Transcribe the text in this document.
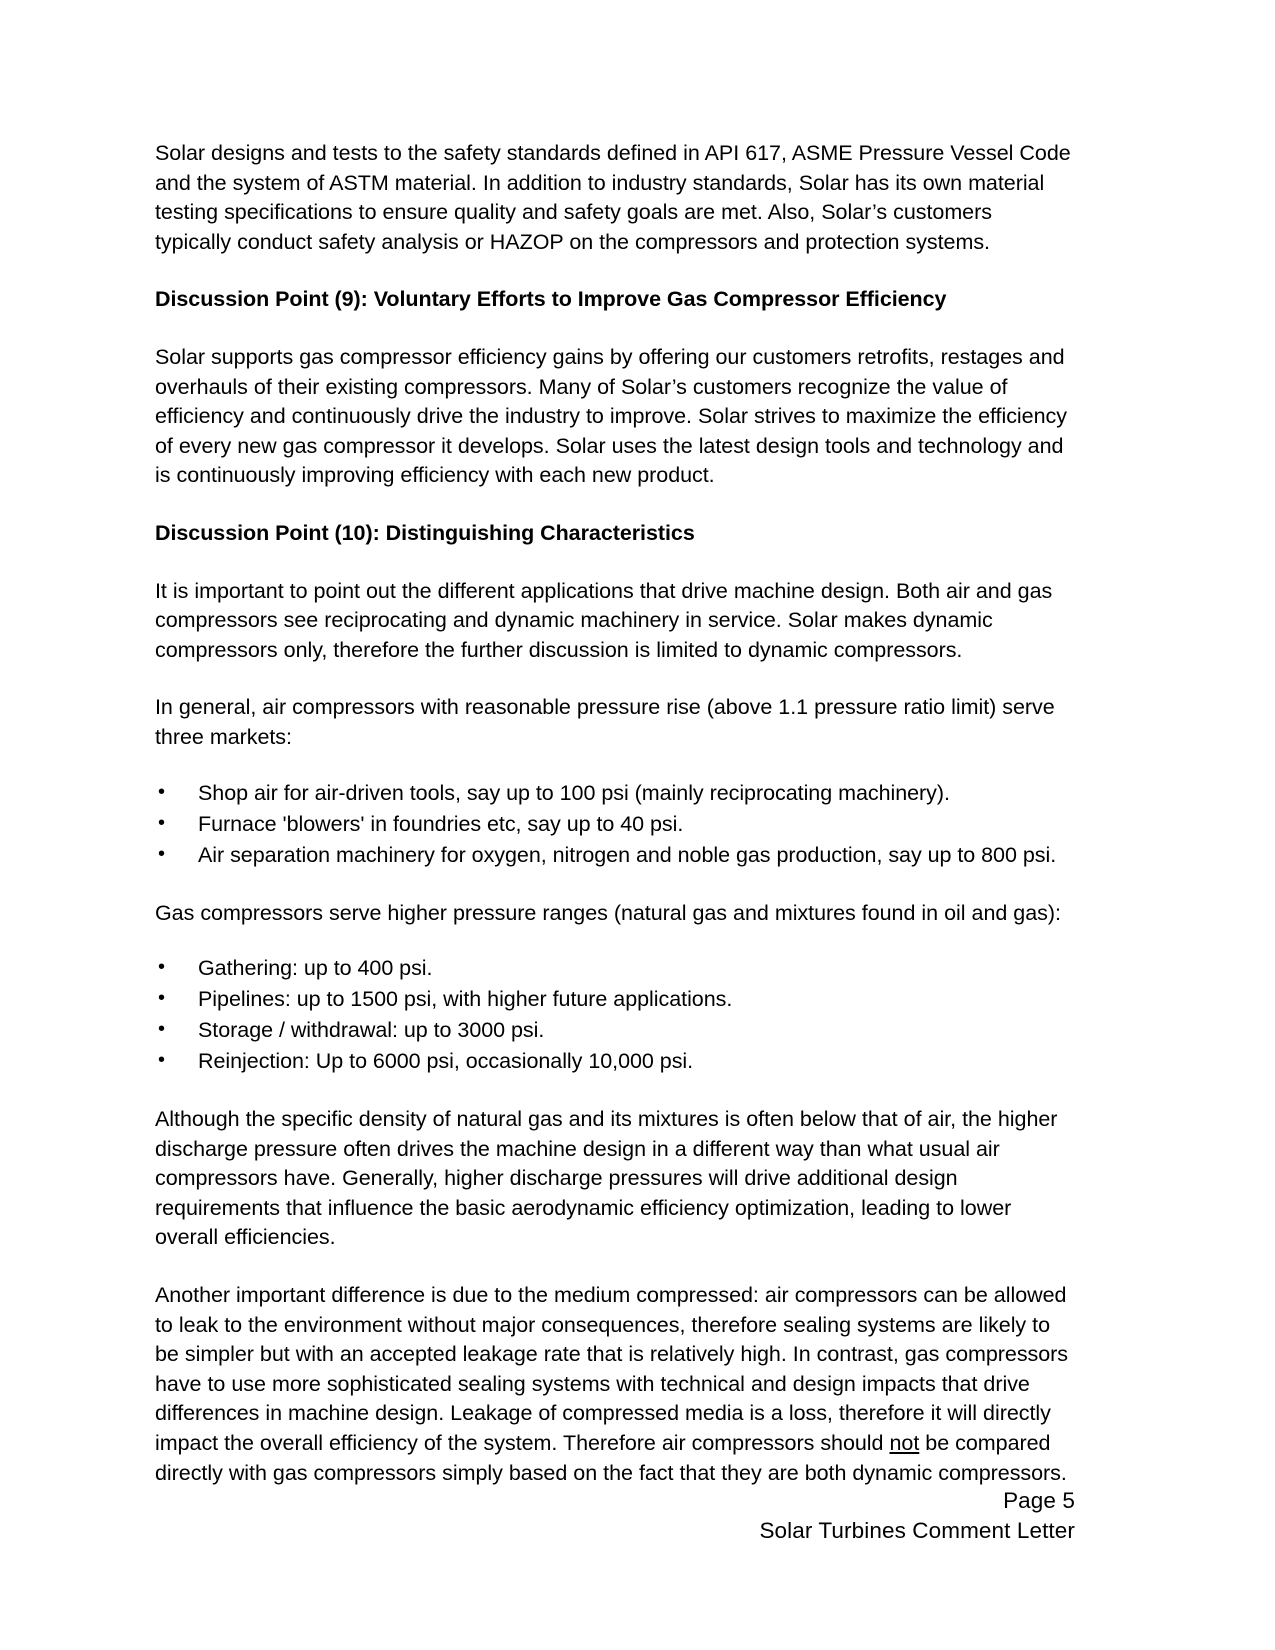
Solar designs and tests to the safety standards defined in API 617, ASME Pressure Vessel Code and the system of ASTM material. In addition to industry standards, Solar has its own material testing specifications to ensure quality and safety goals are met. Also, Solar’s customers typically conduct safety analysis or HAZOP on the compressors and protection systems.

Discussion Point (9): Voluntary Efforts to Improve Gas Compressor Efficiency

Solar supports gas compressor efficiency gains by offering our customers retrofits, restages and overhauls of their existing compressors. Many of Solar’s customers recognize the value of efficiency and continuously drive the industry to improve. Solar strives to maximize the efficiency of every new gas compressor it develops. Solar uses the latest design tools and technology and is continuously improving efficiency with each new product.

Discussion Point (10): Distinguishing Characteristics

It is important to point out the different applications that drive machine design. Both air and gas compressors see reciprocating and dynamic machinery in service. Solar makes dynamic compressors only, therefore the further discussion is limited to dynamic compressors.

In general, air compressors with reasonable pressure rise (above 1.1 pressure ratio limit) serve three markets:

• Shop air for air-driven tools, say up to 100 psi (mainly reciprocating machinery).
• Furnace 'blowers' in foundries etc, say up to 40 psi.
• Air separation machinery for oxygen, nitrogen and noble gas production, say up to 800 psi.

Gas compressors serve higher pressure ranges (natural gas and mixtures found in oil and gas):

• Gathering: up to 400 psi.
• Pipelines: up to 1500 psi, with higher future applications.
• Storage / withdrawal: up to 3000 psi.
• Reinjection: Up to 6000 psi, occasionally 10,000 psi.

Although the specific density of natural gas and its mixtures is often below that of air, the higher discharge pressure often drives the machine design in a different way than what usual air compressors have. Generally, higher discharge pressures will drive additional design requirements that influence the basic aerodynamic efficiency optimization, leading to lower overall efficiencies.

Another important difference is due to the medium compressed: air compressors can be allowed to leak to the environment without major consequences, therefore sealing systems are likely to be simpler but with an accepted leakage rate that is relatively high. In contrast, gas compressors have to use more sophisticated sealing systems with technical and design impacts that drive differences in machine design. Leakage of compressed media is a loss, therefore it will directly impact the overall efficiency of the system. Therefore air compressors should not be compared directly with gas compressors simply based on the fact that they are both dynamic compressors.

Page 5
Solar Turbines Comment Letter
